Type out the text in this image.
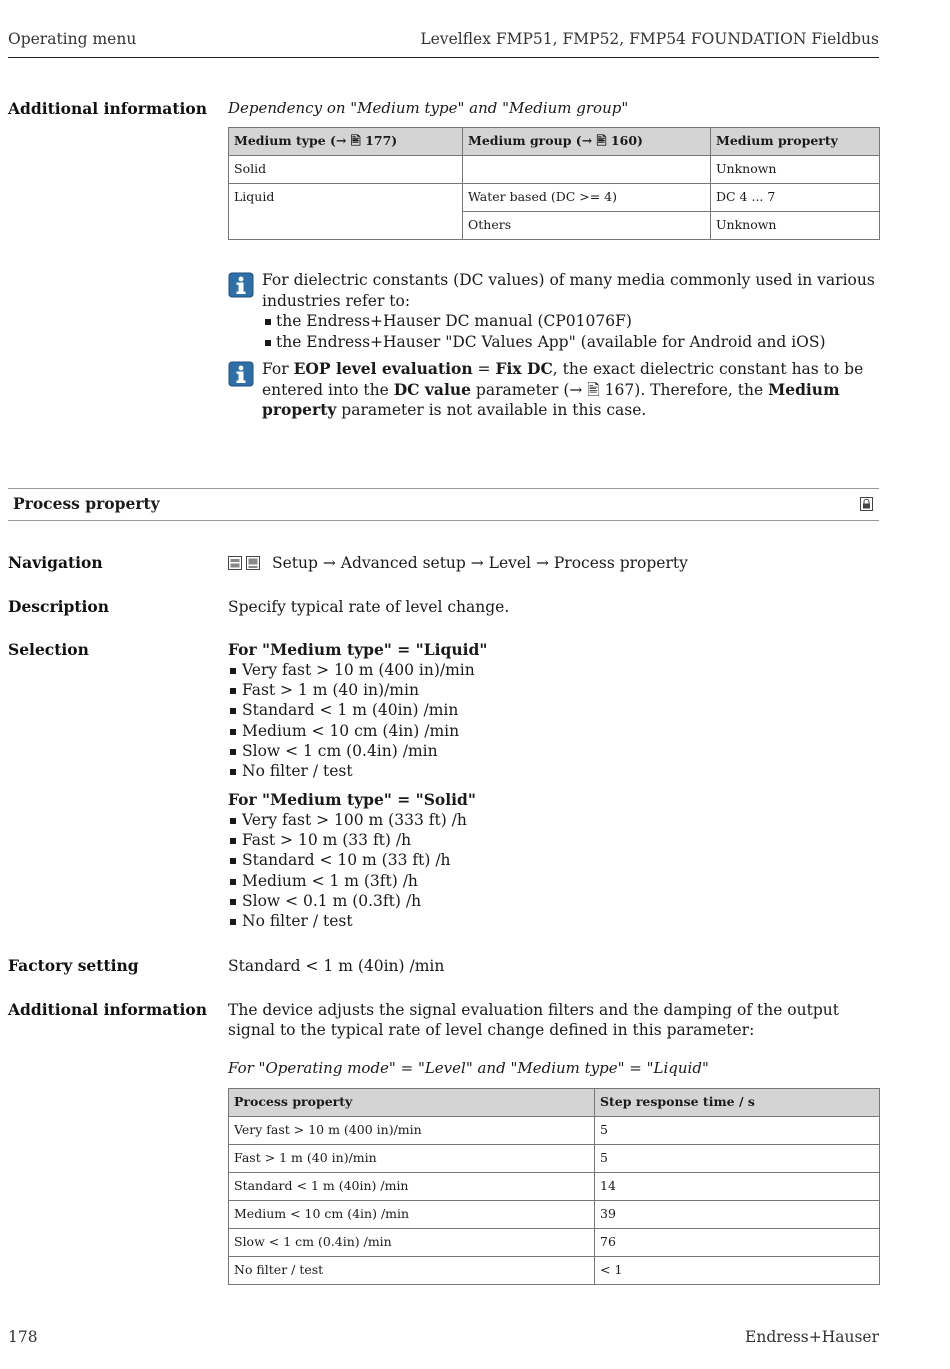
Operating menu	Levelflex FMP51, FMP52, FMP54 FOUNDATION Fieldbus
Additional information Dependency on "Medium type" and "Medium group"
Medium type (→ 🖹 177)	Medium group (→ 🖹 160)	Medium property
Solid		Unknown
Liquid	Water based (DC >= 4)	DC 4 ... 7
	Others	Unknown
For dielectric constants (DC values) of many media commonly used in various industries refer to:
the Endress+Hauser DC manual (CP01076F)
the Endress+Hauser "DC Values App" (available for Android and iOS)
For EOP level evaluation = Fix DC, the exact dielectric constant has to be entered into the DC value parameter (→ 🖹 167). Therefore, the Medium property parameter is not available in this case.
Process property
Navigation	Setup → Advanced setup → Level → Process property
Description	Specify typical rate of level change.
Selection	For "Medium type" = "Liquid"
Very fast > 10 m (400 in)/min
Fast > 1 m (40 in)/min
Standard < 1 m (40in) /min
Medium < 10 cm (4in) /min
Slow < 1 cm (0.4in) /min
No filter / test
For "Medium type" = "Solid"
Very fast > 100 m (333 ft) /h
Fast > 10 m (33 ft) /h
Standard < 10 m (33 ft) /h
Medium < 1 m (3ft) /h
Slow < 0.1 m (0.3ft) /h
No filter / test
Factory setting	Standard < 1 m (40in) /min
Additional information The device adjusts the signal evaluation filters and the damping of the output signal to the typical rate of level change defined in this parameter:
For "Operating mode" = "Level" and "Medium type" = "Liquid"
Process property	Step response time / s
Very fast > 10 m (400 in)/min	5
Fast > 1 m (40 in)/min	5
Standard < 1 m (40in) /min	14
Medium < 10 cm (4in) /min	39
Slow < 1 cm (0.4in) /min	76
No filter / test	< 1
178	Endress+Hauser
